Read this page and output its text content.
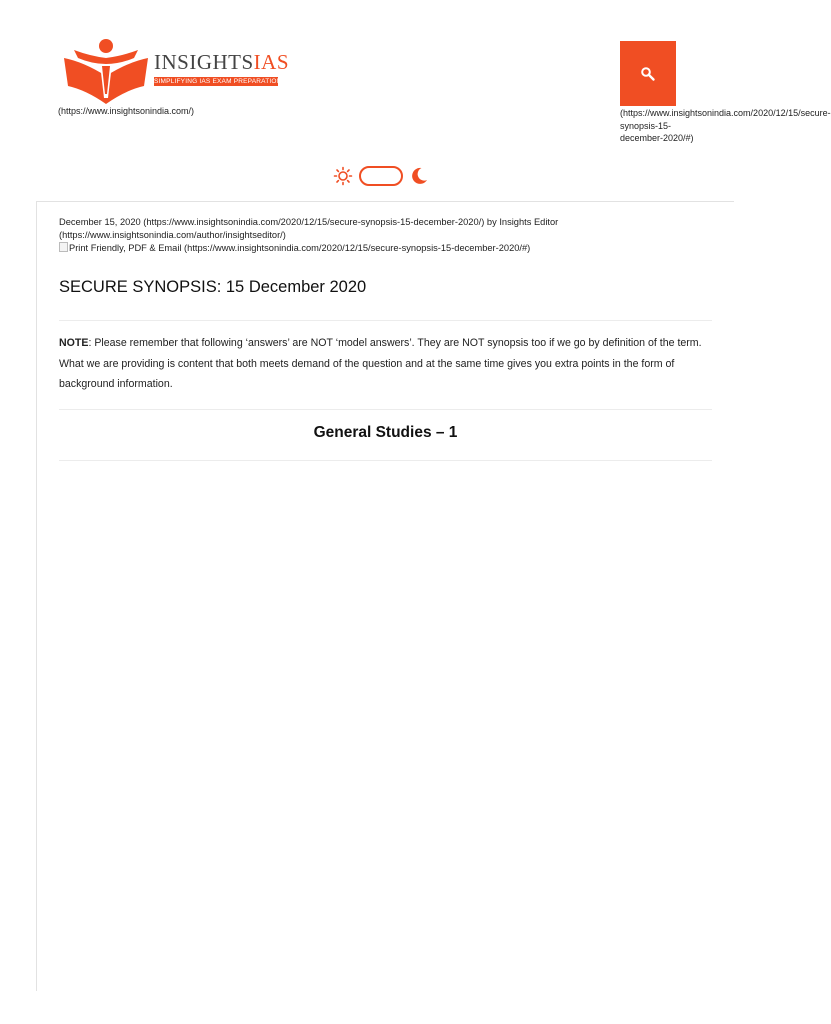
INSIGHTSIAS
SIMPLIFYING IAS EXAM PREPARATION
(https://www.insightsonindia.com/)	(https://www.insightsonindia.com/2020/12/15/secure-
synopsis-15-
december-2020/#)
December 15, 2020 (https://www.insightsonindia.com/2020/12/15/secure-synopsis-15-december-2020/) by Insights Editor
(https://www.insightsonindia.com/author/insightseditor/)
Print Friendly, PDF & Email (https://www.insightsonindia.com/2020/12/15/secure-synopsis-15-december-2020/#)
SECURE SYNOPSIS: 15 December 2020
NOTE: Please remember that following ‘answers’ are NOT ‘model answers’. They are NOT synopsis too if we go by definition of the term. What we are providing is content that both meets demand of the question and at the same time gives you extra points in the form of background information.
General Studies – 1
